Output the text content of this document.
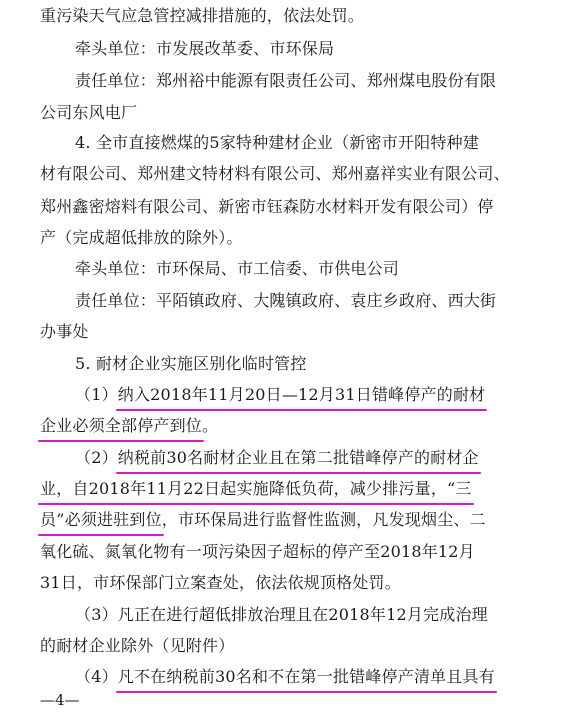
重污染天气应急管控减排措施的，依法处罚。
牵头单位：市发展改革委、市环保局
责任单位：郑州裕中能源有限责任公司、郑州煤电股份有限
公司东风电厂
4. 全市直接燃煤的5家特种建材企业（新密市开阳特种建
材有限公司、郑州建文特材料有限公司、郑州嘉祥实业有限公司、
郑州鑫密熔料有限公司、新密市钰森防水材料开发有限公司）停
产（完成超低排放的除外）。
牵头单位：市环保局、市工信委、市供电公司
责任单位：平陌镇政府、大隗镇政府、袁庄乡政府、西大街
办事处
5. 耐材企业实施区别化临时管控
（1）纳入2018年11月20日—12月31日错峰停产的耐材
企业必须全部停产到位。
（2）纳税前30名耐材企业且在第二批错峰停产的耐材企
业，自2018年11月22日起实施降低负荷，减少排污量，“三
员”必须进驻到位，市环保局进行监督性监测，凡发现烟尘、二
氧化硫、氮氧化物有一项污染因子超标的停产至2018年12月
31日，市环保部门立案查处，依法依规顶格处罚。
（3）凡正在进行超低排放治理且在2018年12月完成治理
的耐材企业除外（见附件）
（4）凡不在纳税前30名和不在第一批错峰停产清单且具有
—4—
